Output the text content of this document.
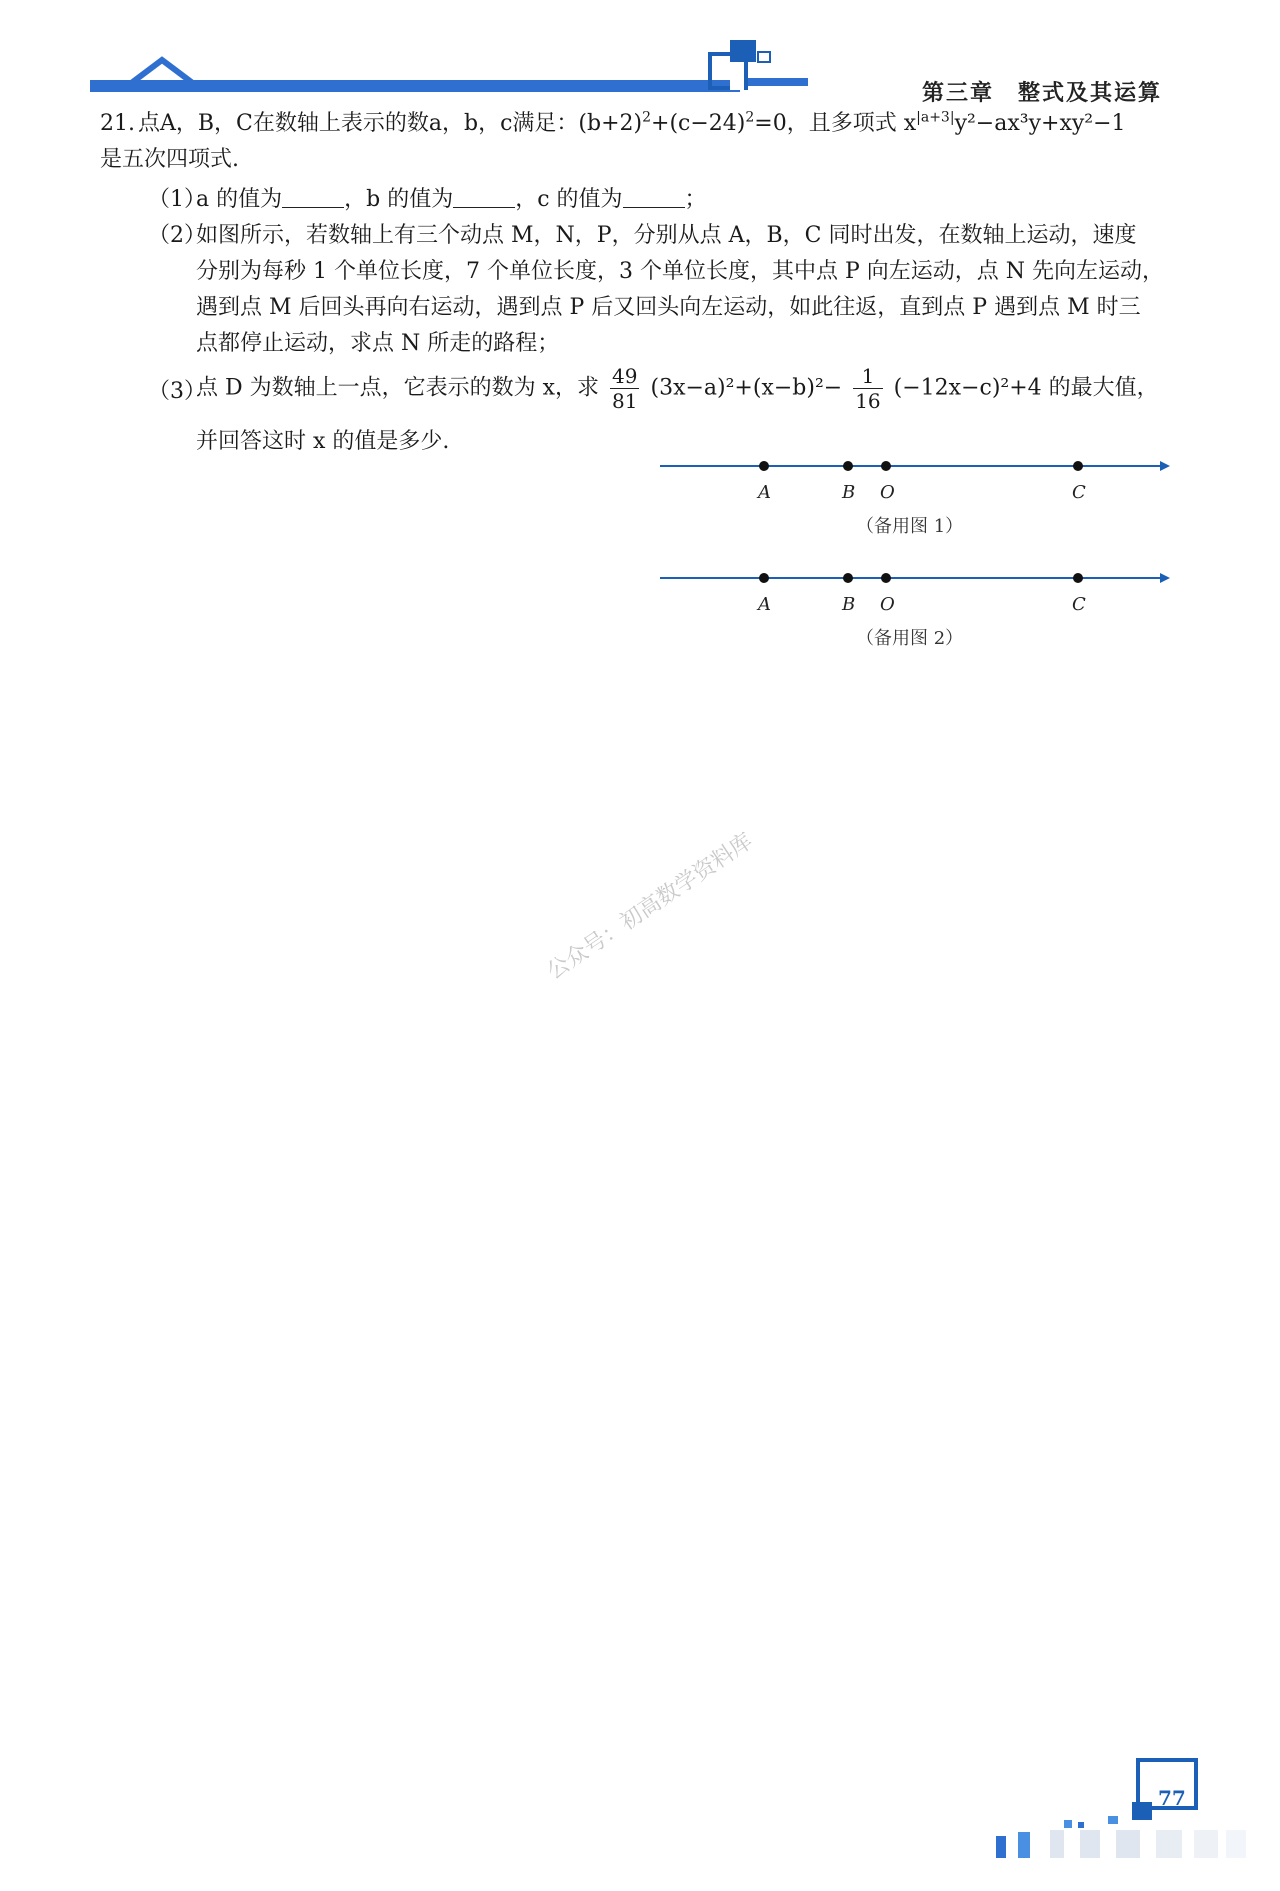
第三章　整式及其运算
21. 点A，B，C在数轴上表示的数a，b，c满足：$(b+2)^2+(c-24)^2=0$，且多项式 $x^{|a+3|}y^2-ax^3y+xy^2-1$
是五次四项式.
（1）
a 的值为	，b 的值为	，c 的值为	；
（2）
如图所示，若数轴上有三个动点 M，N，P，分别从点 A，B，C 同时出发，在数轴上运动，速度
分别为每秒 1 个单位长度，7 个单位长度，3 个单位长度，其中点 P 向左运动，点 N 先向左运动，
遇到点 M 后回头再向右运动，遇到点 P 后又回头向左运动，如此往返，直到点 P 遇到点 M 时三
点都停止运动，求点 N 所走的路程；
（3）
点 D 为数轴上一点，它表示的数为 x，求 $\frac{49}{81} (3x-a)^2+(x-b)^2- \frac{1}{16} (-12x-c)^2+4$ 的最大值，
并回答这时 x 的值是多少.
A	B O	C
（备用图 1）
A	B O	C
（备用图 2）
公众号：初高数学资料库
77
